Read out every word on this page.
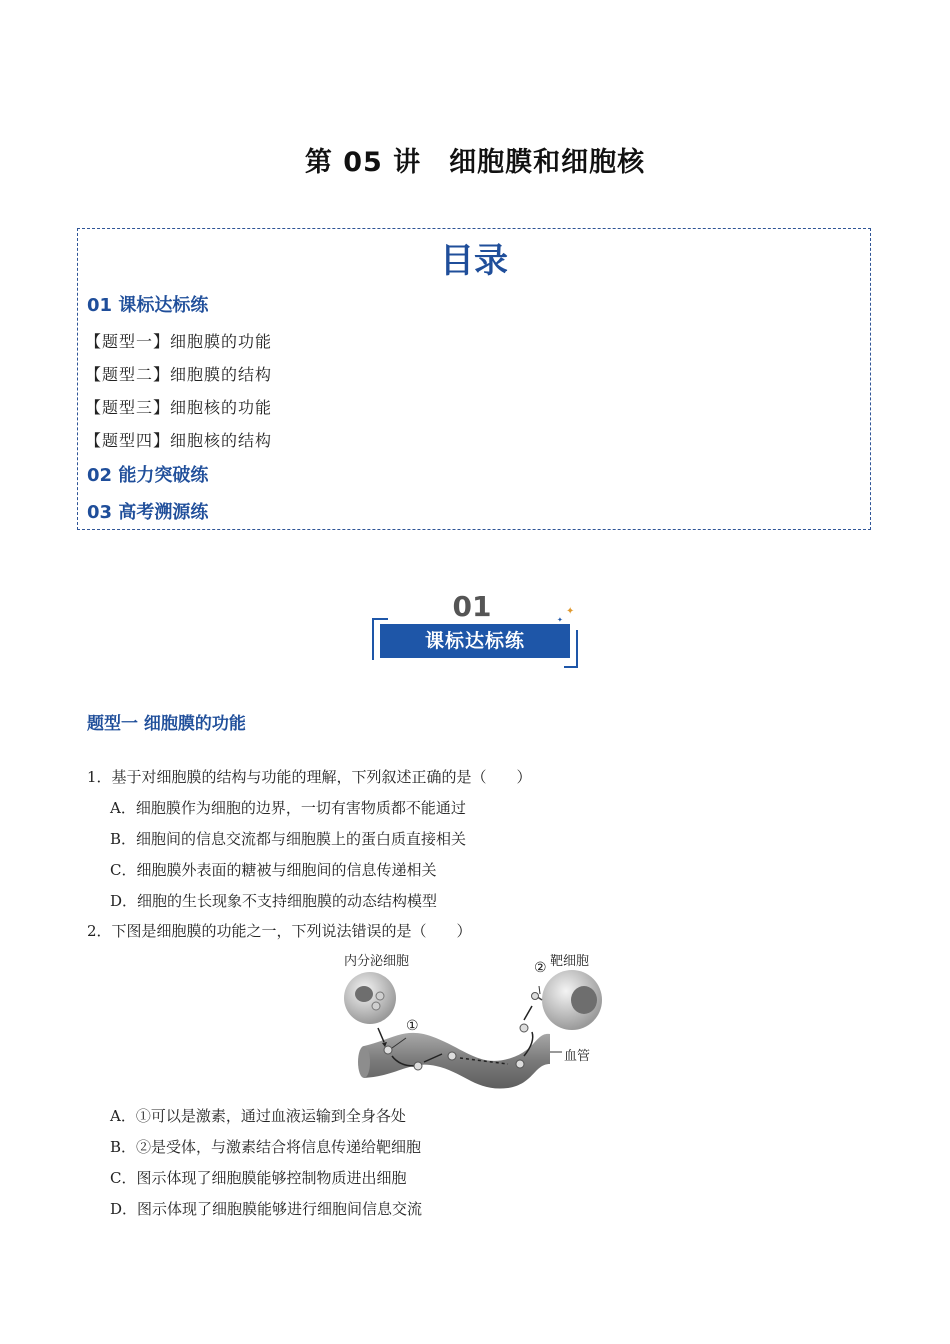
第 05 讲　细胞膜和细胞核
目录
01 课标达标练
【题型一】细胞膜的功能
【题型二】细胞膜的结构
【题型三】细胞核的功能
【题型四】细胞核的结构
02 能力突破练
03 高考溯源练
01
课标达标练
✦
✦
题型一 细胞膜的功能
1．基于对细胞膜的结构与功能的理解，下列叙述正确的是（　　）
A．细胞膜作为细胞的边界，一切有害物质都不能通过
B．细胞间的信息交流都与细胞膜上的蛋白质直接相关
C．细胞膜外表面的糖被与细胞间的信息传递相关
D．细胞的生长现象不支持细胞膜的动态结构模型
2．下图是细胞膜的功能之一，下列说法错误的是（　　）
内分泌细胞	靶细胞
血管
①
②
A．①可以是激素，通过血液运输到全身各处
B．②是受体，与激素结合将信息传递给靶细胞
C．图示体现了细胞膜能够控制物质进出细胞
D．图示体现了细胞膜能够进行细胞间信息交流
